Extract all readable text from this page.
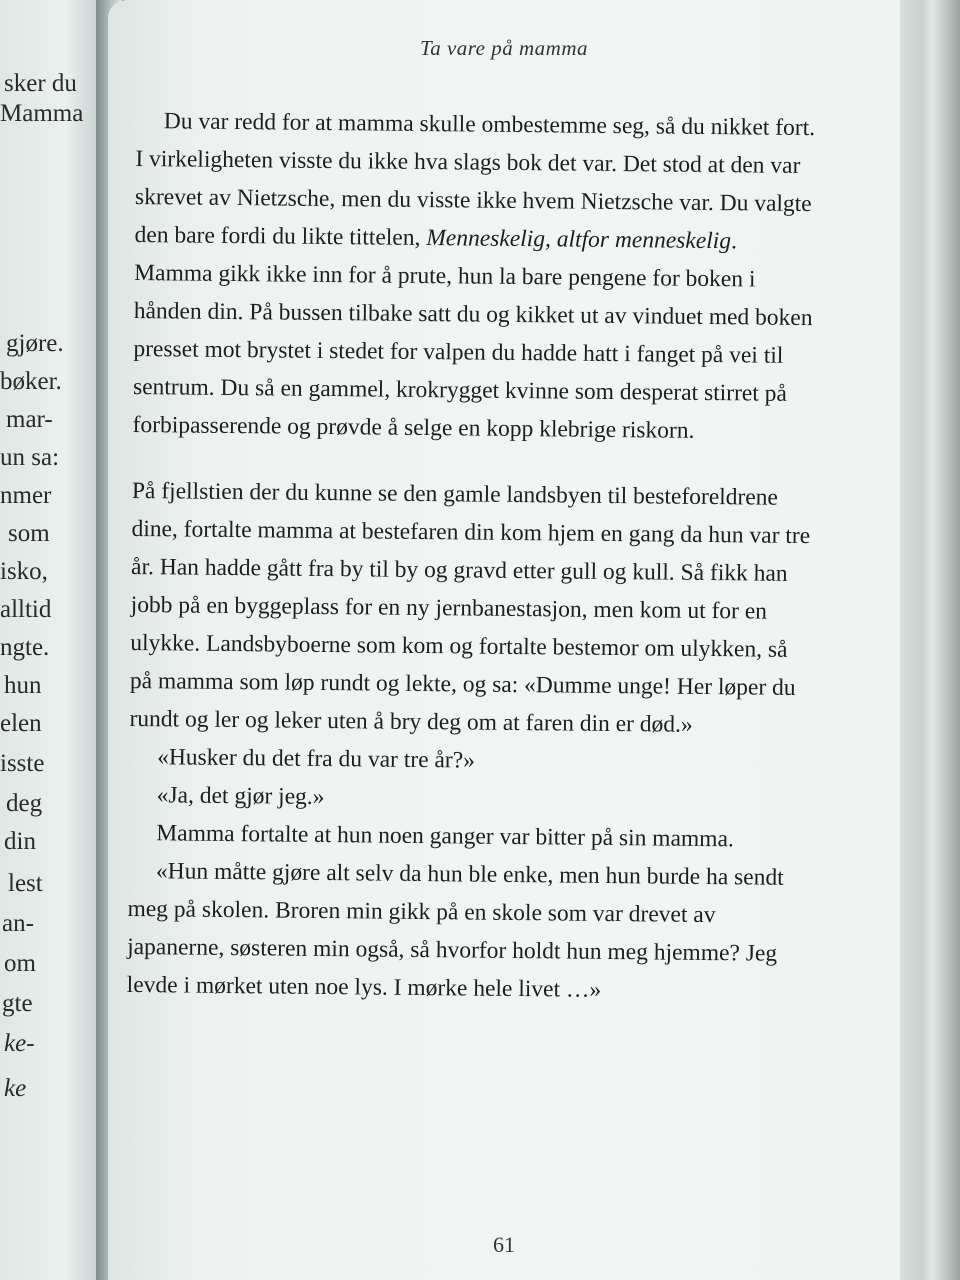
sker du
Mamma
gjøre.
bøker.
mar-
un sa:
nmer
som
isko,
alltid
ngte.
hun
elen
isste
deg
din
lest
an-
om
gte
ke-
ke
Ta vare på mamma

Du var redd for at mamma skulle ombestemme seg, så du nikket fort. I virkeligheten visste du ikke hva slags bok det var. Det stod at den var skrevet av Nietzsche, men du visste ikke hvem Nietzsche var. Du valgte den bare fordi du likte tittelen, Menneskelig, altfor menneskelig. Mamma gikk ikke inn for å prute, hun la bare pengene for boken i hånden din. På bussen tilbake satt du og kikket ut av vinduet med boken presset mot brystet i stedet for valpen du hadde hatt i fanget på vei til sentrum. Du så en gammel, krokrygget kvinne som desperat stirret på forbipasserende og prøvde å selge en kopp klebrige riskorn.

På fjellstien der du kunne se den gamle landsbyen til besteforeldrene dine, fortalte mamma at bestefaren din kom hjem en gang da hun var tre år. Han hadde gått fra by til by og gravd etter gull og kull. Så fikk han jobb på en byggeplass for en ny jernbanestasjon, men kom ut for en ulykke. Landsbyboerne som kom og fortalte bestemor om ulykken, så på mamma som løp rundt og lekte, og sa: «Dumme unge! Her løper du rundt og ler og leker uten å bry deg om at faren din er død.»

«Husker du det fra du var tre år?»

«Ja, det gjør jeg.»

Mamma fortalte at hun noen ganger var bitter på sin mamma.

«Hun måtte gjøre alt selv da hun ble enke, men hun burde ha sendt meg på skolen. Broren min gikk på en skole som var drevet av japanerne, søsteren min også, så hvorfor holdt hun meg hjemme? Jeg levde i mørket uten noe lys. I mørke hele livet …»

61
